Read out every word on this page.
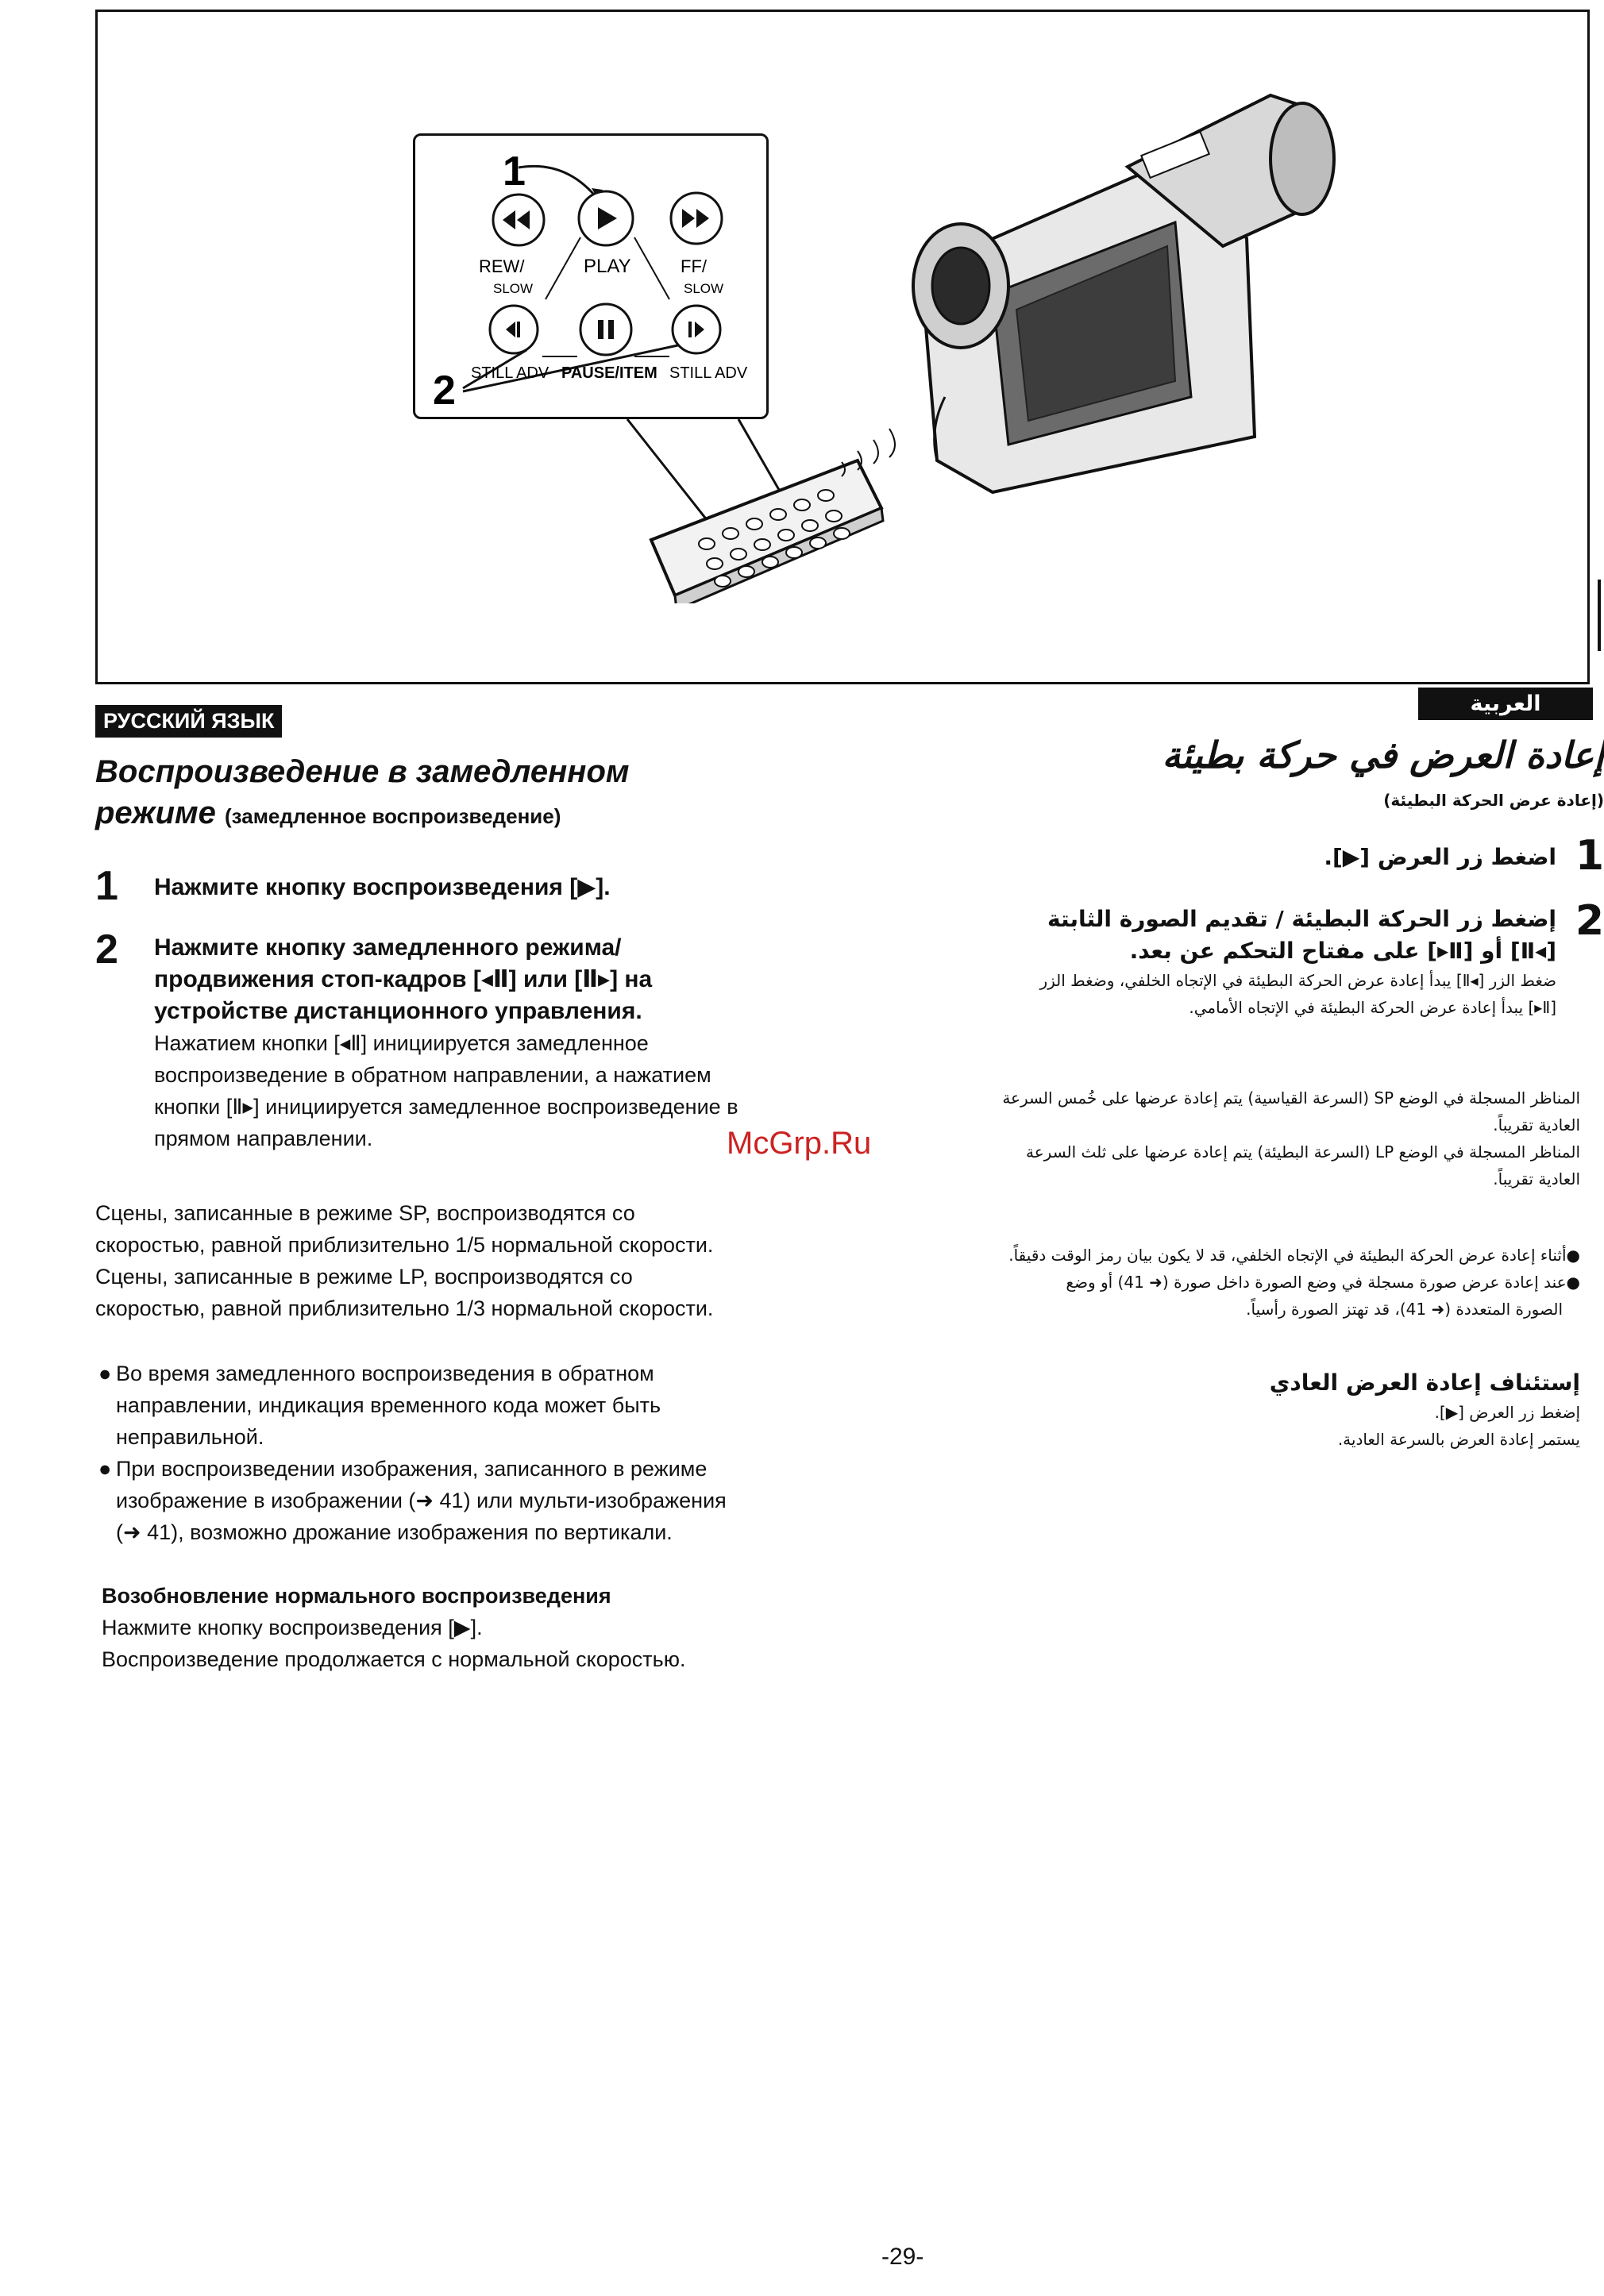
1
2
REW/	PLAY	FF/
SLOW	SLOW
STILL ADV PAUSE/ITEM STILL ADV
РУССКИЙ ЯЗЫК
Воспроизведение в замедленном
режиме (замедленное воспроизведение)
1 Нажмите кнопку воспроизведения [▶].
2 Нажмите кнопку замедленного режима/
продвижения стоп-кадров [◂Ⅱ] или [Ⅱ▸] на
устройстве дистанционного управления.
Нажатием кнопки [◂Ⅱ] инициируется замедленное
воспроизведение в обратном направлении, а нажатием
кнопки [Ⅱ▸] инициируется замедленное воспроизведение в
прямом направлении.	McGrp.Ru
Сцены, записанные в режиме SP, воспроизводятся со
скоростью, равной приблизительно 1/5 нормальной скорости.
Сцены, записанные в режиме LP, воспроизводятся со
скоростью, равной приблизительно 1/3 нормальной скорости.
● Во время замедленного воспроизведения в обратном
направлении, индикация временного кода может быть
неправильной.
● При воспроизведении изображения, записанного в режиме
изображение в изображении (➜ 41) или мульти-изображения
(➜ 41), возможно дрожание изображения по вертикали.
Возобновление нормального воспроизведения
Нажмите кнопку воспроизведения [▶].
Воспроизведение продолжается с нормальной скоростью.
العربية
إعادة العرض في حركة بطيئة
(إعادة عرض الحركة البطيئة)
1
اضغط زر العرض [▶].
2
إضغط زر الحركة البطيئة / تقديم الصورة الثابتة
[◂Ⅱ] أو [Ⅱ▸] على مفتاح التحكم عن بعد.
ضغط الزر [◂Ⅱ] يبدأ إعادة عرض الحركة البطيئة في الإتجاه الخلفي، وضغط الزر
[Ⅱ▸] يبدأ إعادة عرض الحركة البطيئة في الإتجاه الأمامي.
المناظر المسجلة في الوضع SP (السرعة القياسية) يتم إعادة عرضها على خُمس السرعة
العادية تقريباً.
المناظر المسجلة في الوضع LP (السرعة البطيئة) يتم إعادة عرضها على ثلث السرعة
العادية تقريباً.
●أثناء إعادة عرض الحركة البطيئة في الإتجاه الخلفي، قد لا يكون بيان رمز الوقت دقيقاً.
●عند إعادة عرض صورة مسجلة في وضع الصورة داخل صورة (➜ 41) أو وضع
الصورة المتعددة (➜ 41)، قد تهتز الصورة رأسياً.
إستئناف إعادة العرض العادي
إضغط زر العرض [▶].
يستمر إعادة العرض بالسرعة العادية.
-29-
